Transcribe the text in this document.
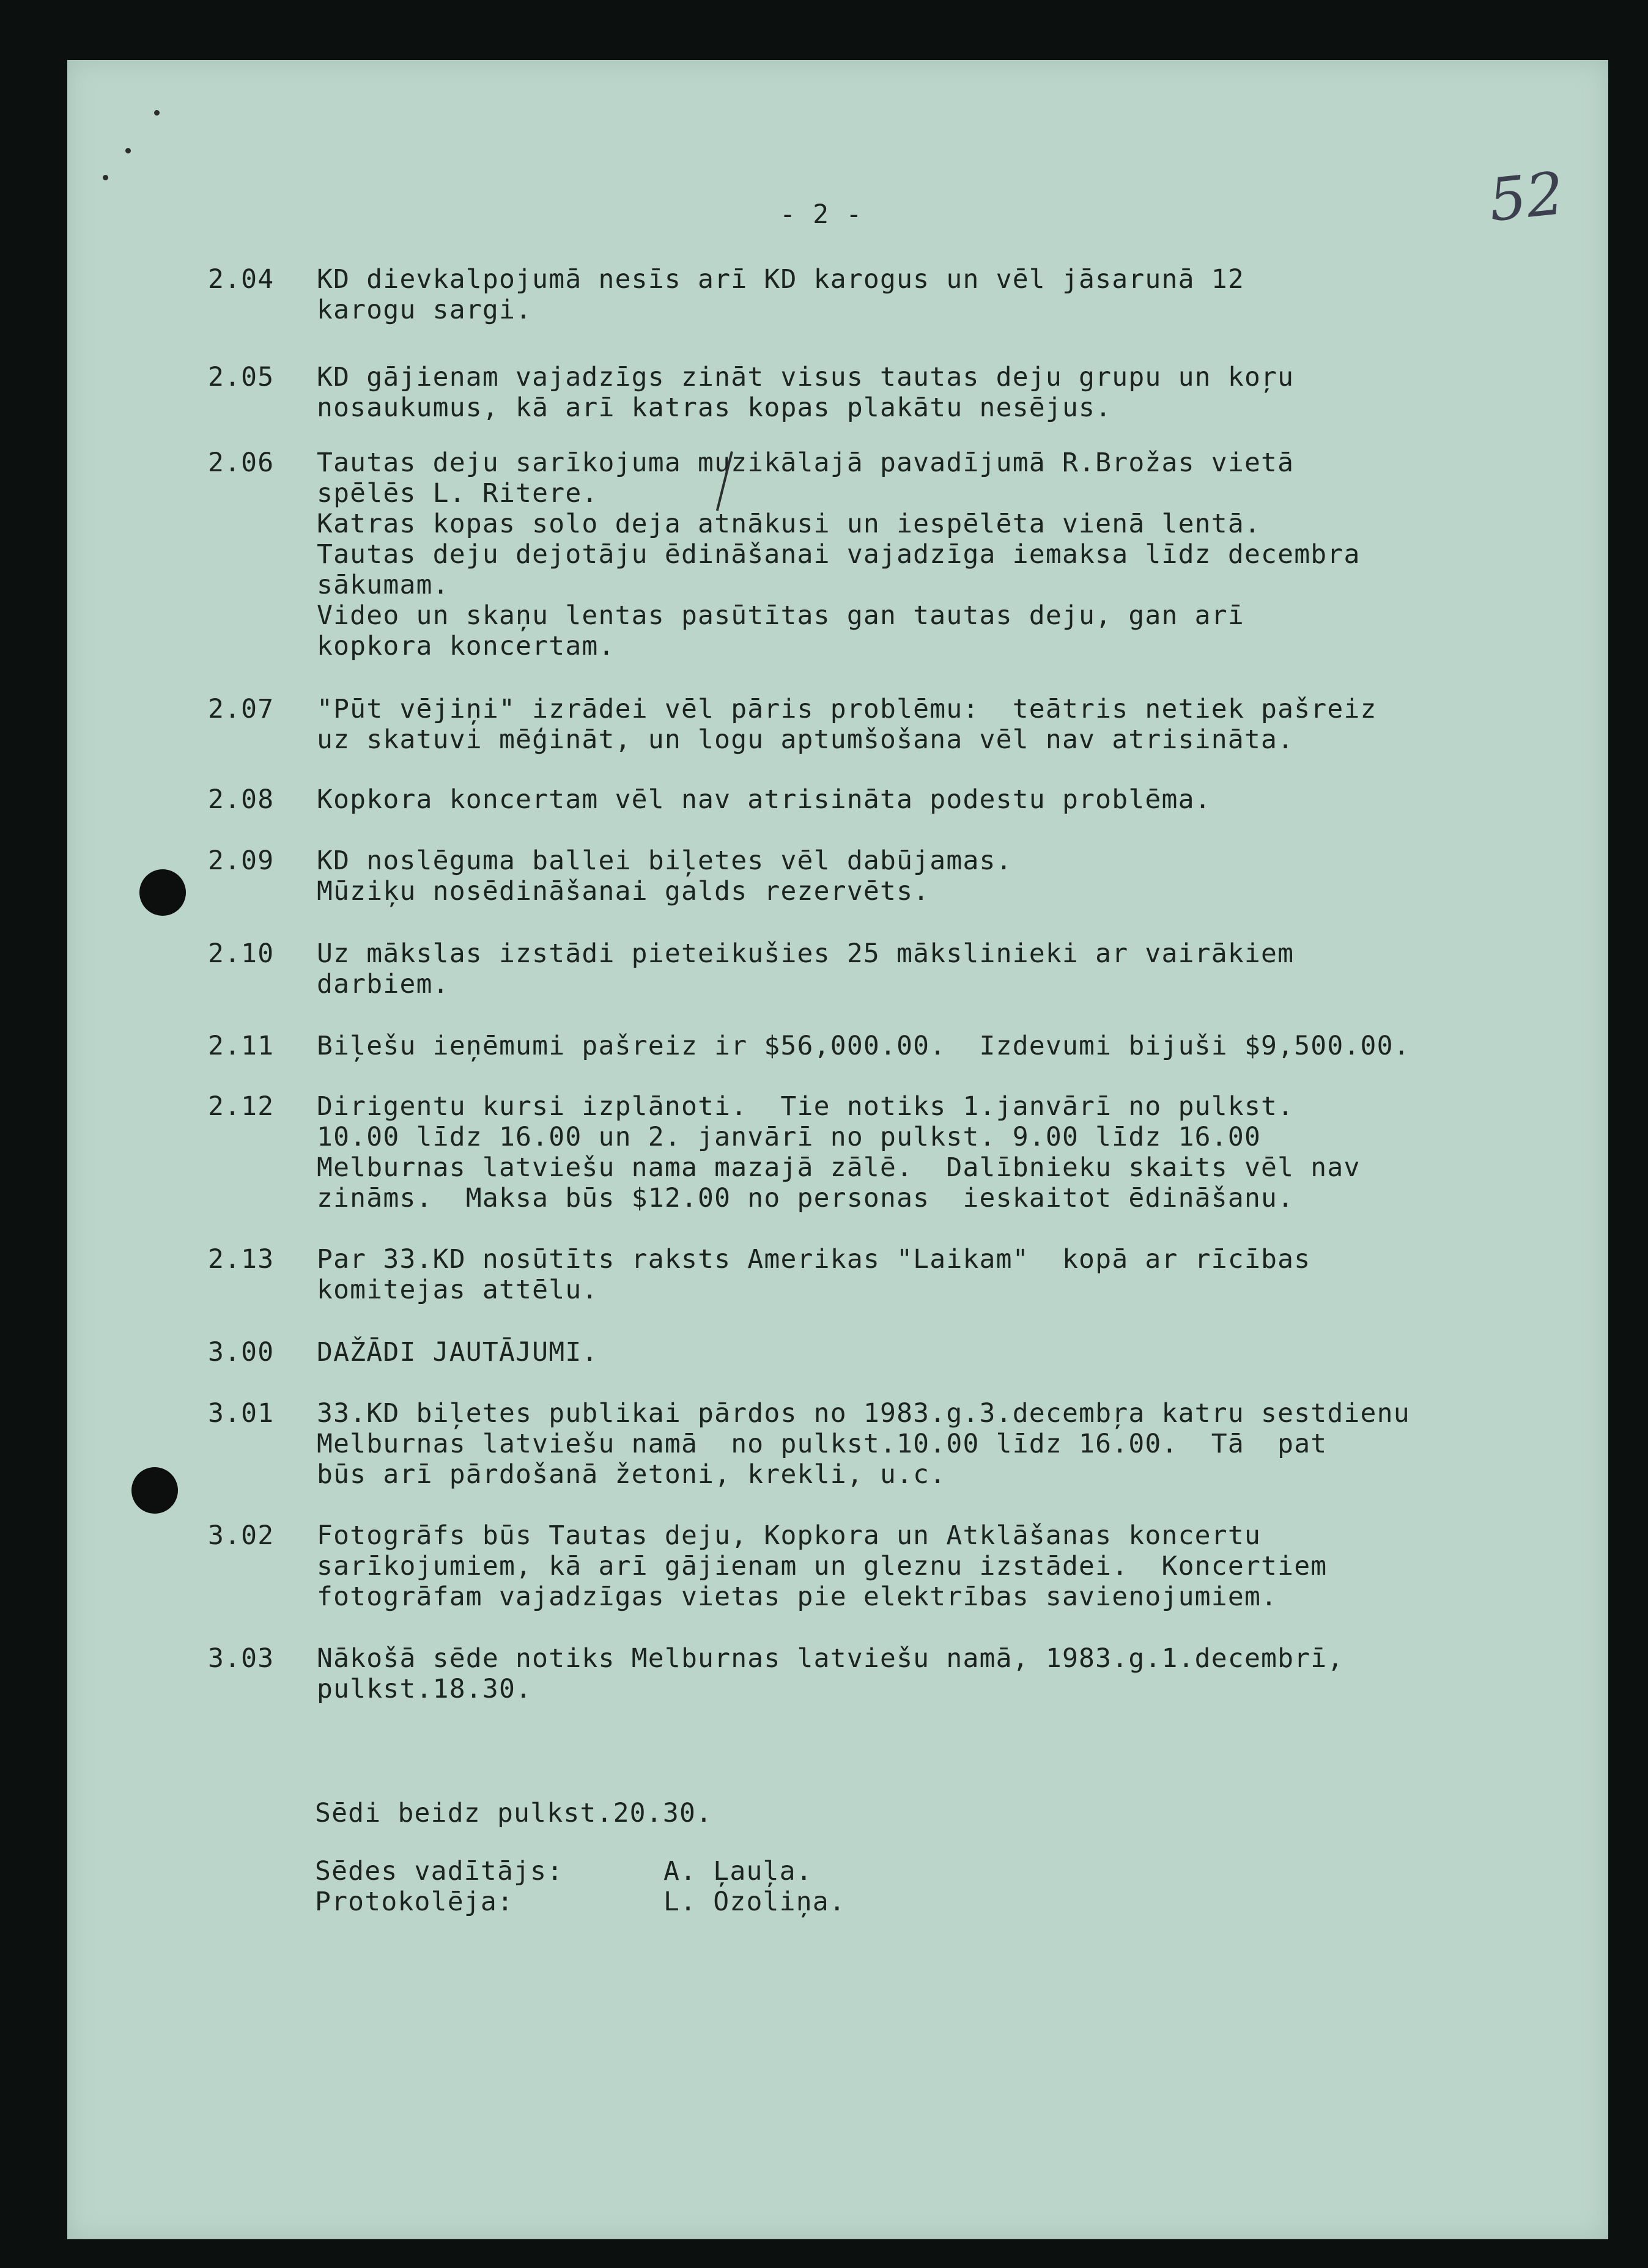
52
- 2 -
2.04 KD dievkalpojumā nesīs arī KD karogus un vēl jāsarunā 12
karogu sargi.
2.05 KD gājienam vajadzīgs zināt visus tautas deju grupu un koŗu
nosaukumus, kā arī katras kopas plakātu nesējus.
2.06 Tautas deju sarīkojuma muzikālajā pavadījumā R.Brožas vietā
spēlēs L. Ritere.
Katras kopas solo deja atnākusi un iespēlēta vienā lentā.
Tautas deju dejotāju ēdināšanai vajadzīga iemaksa līdz decembra
sākumam.
Video un skaņu lentas pasūtītas gan tautas deju, gan arī
kopkora koncertam.
2.07 "Pūt vējiņi" izrādei vēl pāris problēmu:  teātris netiek pašreiz
uz skatuvi mēģināt, un logu aptumšošana vēl nav atrisināta.
2.08 Kopkora koncertam vēl nav atrisināta podestu problēma.
2.09 KD noslēguma ballei biļetes vēl dabūjamas.
Mūziķu nosēdināšanai galds rezervēts.
2.10 Uz mākslas izstādi pieteikušies 25 mākslinieki ar vairākiem
darbiem.
2.11 Biļešu ieņēmumi pašreiz ir $56,000.00.  Izdevumi bijuši $9,500.00.
2.12 Dirigentu kursi izplānoti.  Tie notiks 1.janvārī no pulkst.
10.00 līdz 16.00 un 2. janvārī no pulkst. 9.00 līdz 16.00
Melburnas latviešu nama mazajā zālē.  Dalībnieku skaits vēl nav
zināms.  Maksa būs $12.00 no personas  ieskaitot ēdināšanu.
2.13 Par 33.KD nosūtīts raksts Amerikas "Laikam"  kopā ar rīcības
komitejas attēlu.
3.00 DAŽĀDI JAUTĀJUMI.
3.01 33.KD biļetes publikai pārdos no 1983.g.3.decembŗa katru sestdienu
Melburnas latviešu namā  no pulkst.10.00 līdz 16.00.  Tā  pat
būs arī pārdošanā žetoni, krekli, u.c.
3.02 Fotogrāfs būs Tautas deju, Kopkora un Atklāšanas koncertu
sarīkojumiem, kā arī gājienam un gleznu izstādei.  Koncertiem
fotogrāfam vajadzīgas vietas pie elektrības savienojumiem.
3.03 Nākošā sēde notiks Melburnas latviešu namā, 1983.g.1.decembrī,
pulkst.18.30.
Sēdi beidz pulkst.20.30.
Sēdes vadītājs:	A. Ļauļa.
Protokolēja:	L. Ozoliņa.
